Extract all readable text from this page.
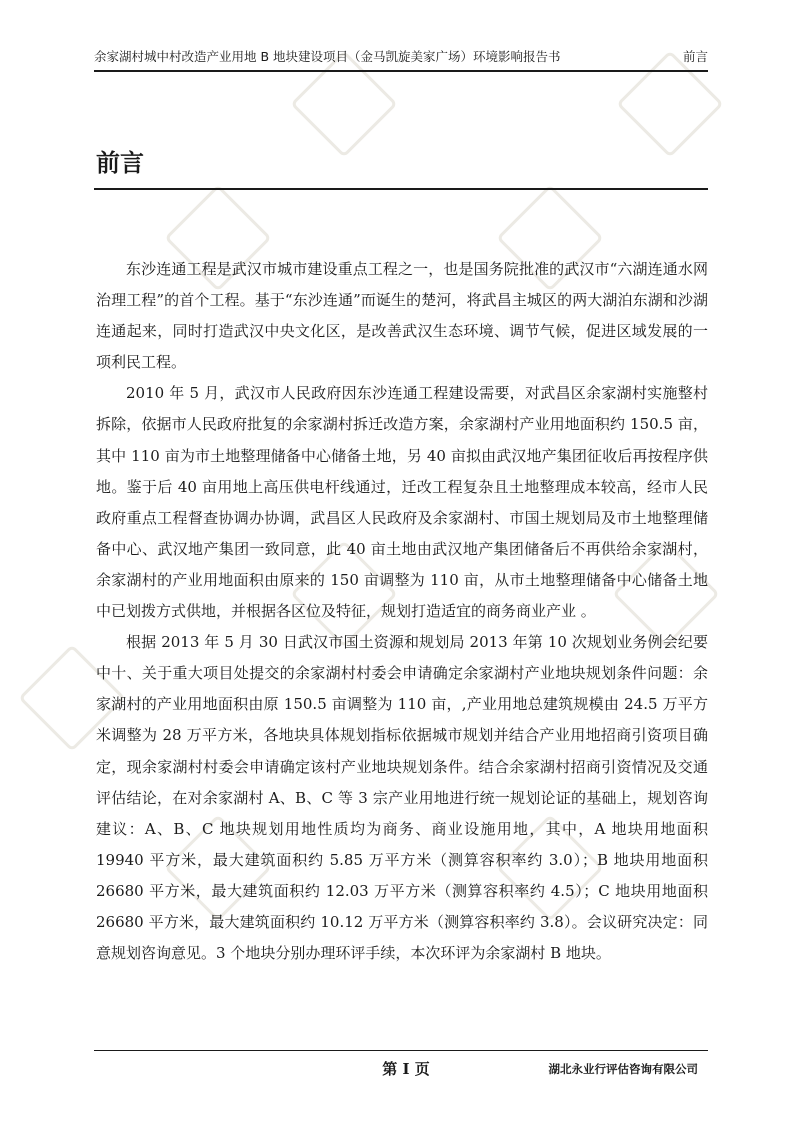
余家湖村城中村改造产业用地 B 地块建设项目（金马凯旋美家广场）环境影响报告书	前言
前言

东沙连通工程是武汉市城市建设重点工程之一，也是国务院批准的武汉市“六湖连通水网治理工程”的首个工程。基于“东沙连通”而诞生的楚河，将武昌主城区的两大湖泊东湖和沙湖连通起来，同时打造武汉中央文化区，是改善武汉生态环境、调节气候，促进区域发展的一项利民工程。

2010 年 5 月，武汉市人民政府因东沙连通工程建设需要，对武昌区余家湖村实施整村拆除，依据市人民政府批复的余家湖村拆迁改造方案，余家湖村产业用地面积约 150.5 亩，其中 110 亩为市土地整理储备中心储备土地，另 40 亩拟由武汉地产集团征收后再按程序供地。鉴于后 40 亩用地上高压供电杆线通过，迁改工程复杂且土地整理成本较高，经市人民政府重点工程督查协调办协调，武昌区人民政府及余家湖村、市国土规划局及市土地整理储备中心、武汉地产集团一致同意，此 40 亩土地由武汉地产集团储备后不再供给余家湖村，余家湖村的产业用地面积由原来的 150 亩调整为 110 亩，从市土地整理储备中心储备土地中已划拨方式供地，并根据各区位及特征，规划打造适宜的商务商业产业 。

根据 2013 年 5 月 30 日武汉市国土资源和规划局 2013 年第 10 次规划业务例会纪要中十、关于重大项目处提交的余家湖村村委会申请确定余家湖村产业地块规划条件问题：余家湖村的产业用地面积由原 150.5 亩调整为 110 亩，,产业用地总建筑规模由 24.5 万平方米调整为 28 万平方米，各地块具体规划指标依据城市规划并结合产业用地招商引资项目确定，现余家湖村村委会申请确定该村产业地块规划条件。结合余家湖村招商引资情况及交通评估结论，在对余家湖村 A、B、C 等 3 宗产业用地进行统一规划论证的基础上，规划咨询建议：A、B、C 地块规划用地性质均为商务、商业设施用地，其中，A 地块用地面积 19940 平方米，最大建筑面积约 5.85 万平方米（测算容积率约 3.0）；B 地块用地面积 26680 平方米，最大建筑面积约 12.03 万平方米（测算容积率约 4.5）；C 地块用地面积 26680 平方米，最大建筑面积约 10.12 万平方米（测算容积率约 3.8）。会议研究决定：同意规划咨询意见。3 个地块分别办理环评手续，本次环评为余家湖村 B 地块。

第 I 页	湖北永业行评估咨询有限公司
